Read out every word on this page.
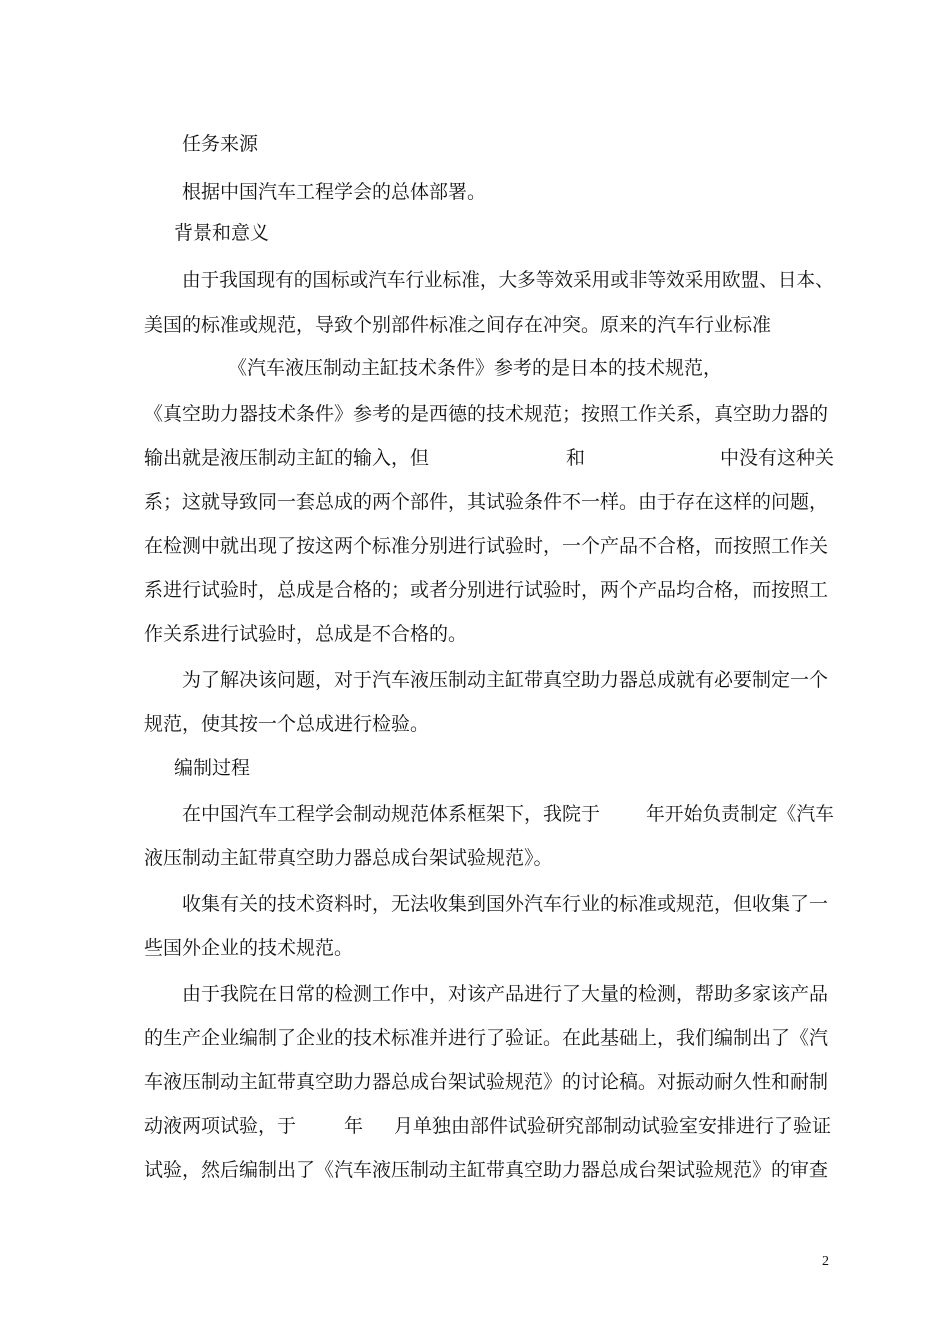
任务来源
根据中国汽车工程学会的总体部署。
背景和意义
由于我国现有的国标或汽车行业标准，大多等效采用或非等效采用欧盟、日本、
美国的标准或规范，导致个别部件标准之间存在冲突。原来的汽车行业标准
《汽车液压制动主缸技术条件》参考的是日本的技术规范，
《真空助力器技术条件》参考的是西德的技术规范；按照工作关系，真空助力器的
输出就是液压制动主缸的输入，但	和	中没有这种关
系；这就导致同一套总成的两个部件，其试验条件不一样。由于存在这样的问题，
在检测中就出现了按这两个标准分别进行试验时，一个产品不合格，而按照工作关
系进行试验时，总成是合格的；或者分别进行试验时，两个产品均合格，而按照工
作关系进行试验时，总成是不合格的。
为了解决该问题，对于汽车液压制动主缸带真空助力器总成就有必要制定一个
规范，使其按一个总成进行检验。
编制过程
在中国汽车工程学会制动规范体系框架下，我院于 年开始负责制定《汽车
液压制动主缸带真空助力器总成台架试验规范》。
收集有关的技术资料时，无法收集到国外汽车行业的标准或规范，但收集了一
些国外企业的技术规范。
由于我院在日常的检测工作中，对该产品进行了大量的检测，帮助多家该产品
的生产企业编制了企业的技术标准并进行了验证。在此基础上，我们编制出了《汽
车液压制动主缸带真空助力器总成台架试验规范》的讨论稿。对振动耐久性和耐制
动液两项试验，于	年 月单独由部件试验研究部制动试验室安排进行了验证
试验，然后编制出了《汽车液压制动主缸带真空助力器总成台架试验规范》的审查
2
